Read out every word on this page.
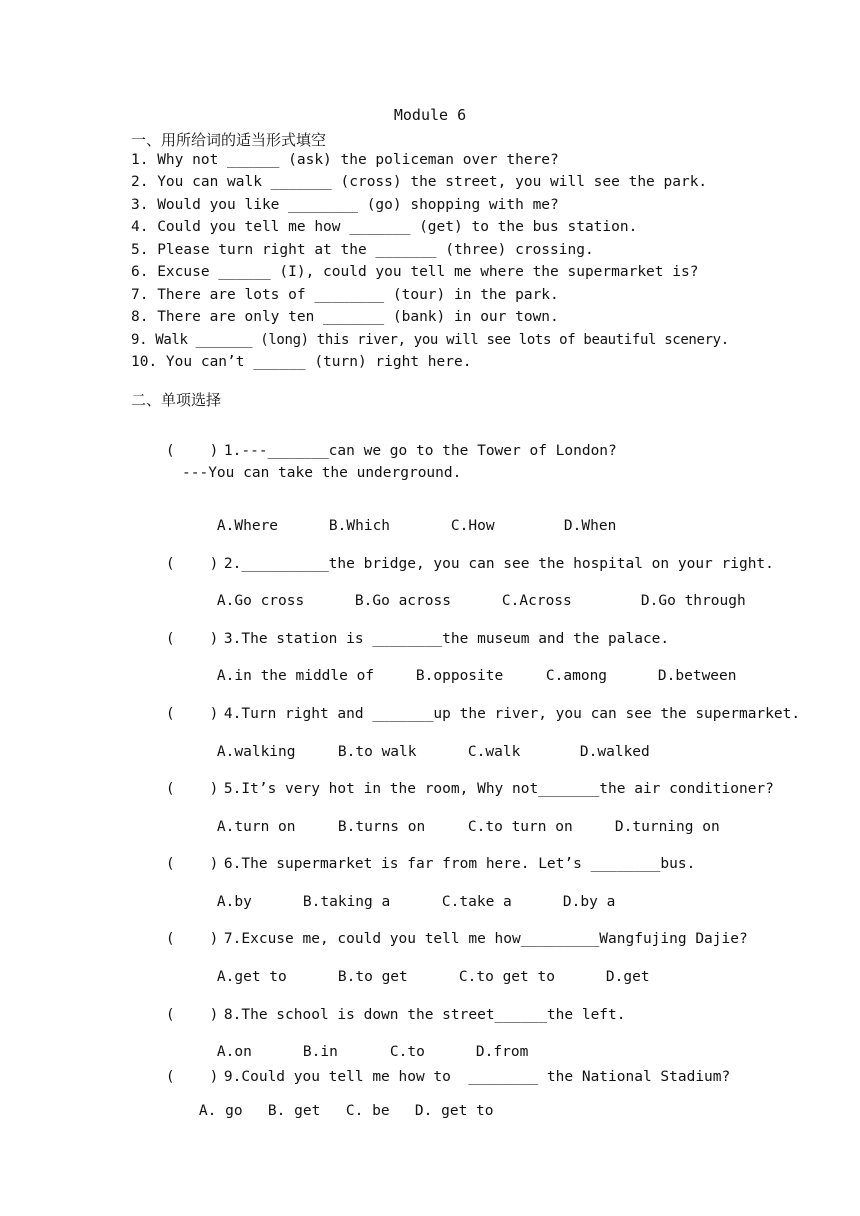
Module 6
一、用所给词的适当形式填空
1. Why not ______ (ask) the policeman over there?
2. You can walk _______ (cross) the street, you will see the park.
3. Would you like ________ (go) shopping with me?
4. Could you tell me how _______ (get) to the bus station.
5. Please turn right at the _______ (three) crossing.
6. Excuse ______ (I), could you tell me where the supermarket is?
7. There are lots of ________ (tour) in the park.
8. There are only ten _______ (bank) in our town.
9. Walk _______ (long) this river, you will see lots of beautiful scenery.
10. You can’t ______ (turn) right here.
二、单项选择

(    ) 1.---_______can we go to the Tower of London?

---You can take the underground.

A.Where	B.Which	C.How	D.When

(    ) 2.__________the bridge, you can see the hospital on your right.

A.Go cross	B.Go across	C.Across	D.Go through

(    ) 3.The station is ________the museum and the palace.

A.in the middle of	B.opposite	C.among	D.between

(    ) 4.Turn right and _______up the river, you can see the supermarket.

A.walking	B.to walk	C.walk	D.walked

(    ) 5.It’s very hot in the room, Why not_______the air conditioner?

A.turn on	B.turns on	C.to turn on	D.turning on

(    ) 6.The supermarket is far from here. Let’s ________bus.

A.by	B.taking a	C.take a	D.by a

(    ) 7.Excuse me, could you tell me how_________Wangfujing Dajie?

A.get to	B.to get	C.to get to	D.get

(    ) 8.The school is down the street______the left.

A.on	B.in	C.to	D.from

(    ) 9.Could you tell me how to  ________ the National Stadium?

A. go B. get C. be D. get to
